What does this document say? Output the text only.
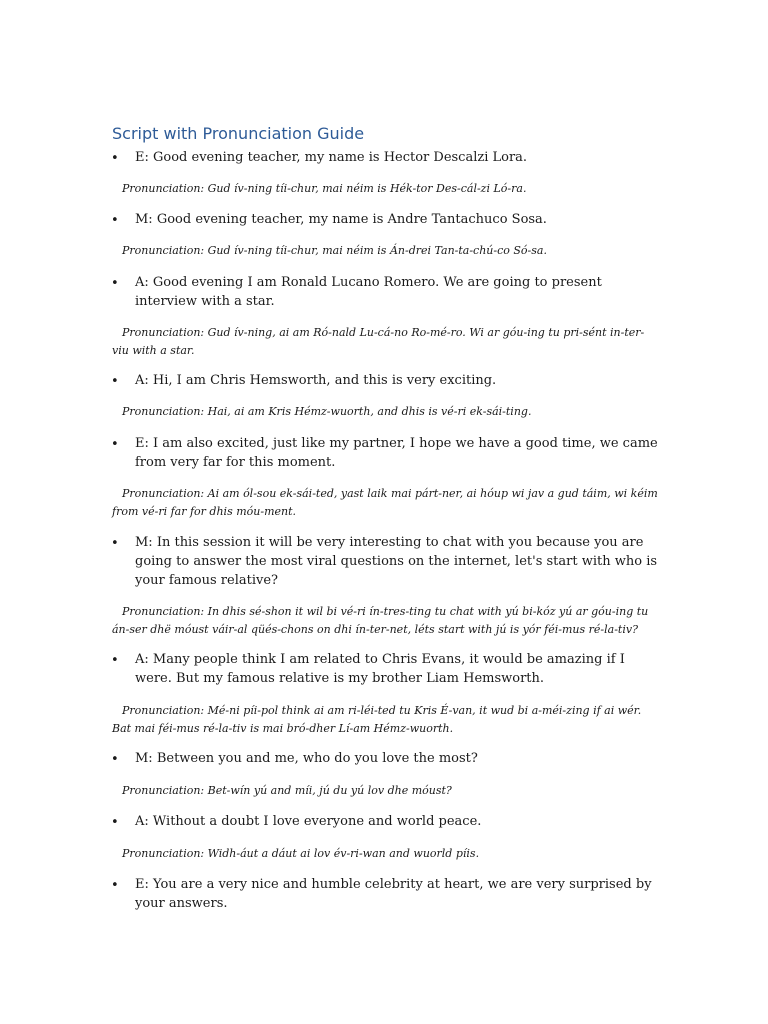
Script with Pronunciation Guide
• E: Good evening teacher, my name is Hector Descalzi Lora.
Pronunciation: Gud ív-ning tíi-chur, mai néim is Hék-tor Des-cál-zi Ló-ra.
• M: Good evening teacher, my name is Andre Tantachuco Sosa.
Pronunciation: Gud ív-ning tíi-chur, mai néim is Án-drei Tan-ta-chú-co Só-sa.
• A: Good evening I am Ronald Lucano Romero. We are going to present interview with a star.
Pronunciation: Gud ív-ning, ai am Ró-nald Lu-cá-no Ro-mé-ro. Wi ar góu-ing tu pri-sént in-ter-viu with a star.
• A: Hi, I am Chris Hemsworth, and this is very exciting.
Pronunciation: Hai, ai am Kris Hémz-wuorth, and dhis is vé-ri ek-sái-ting.
• E: I am also excited, just like my partner, I hope we have a good time, we came from very far for this moment.
Pronunciation: Ai am ól-sou ek-sái-ted, yast laik mai párt-ner, ai hóup wi jav a gud táim, wi kéim from vé-ri far for dhis móu-ment.
• M: In this session it will be very interesting to chat with you because you are going to answer the most viral questions on the internet, let's start with who is your famous relative?
Pronunciation: In dhis sé-shon it wil bi vé-ri ín-tres-ting tu chat with yú bi-kóz yú ar góu-ing tu án-ser dhë móust váir-al qüés-chons on dhi ín-ter-net, léts start with jú is yór féi-mus ré-la-tiv?
• A: Many people think I am related to Chris Evans, it would be amazing if I were. But my famous relative is my brother Liam Hemsworth.
Pronunciation: Mé-ni píi-pol think ai am ri-léi-ted tu Kris É-van, it wud bi a-méi-zing if ai wér. Bat mai féi-mus ré-la-tiv is mai bró-dher Lí-am Hémz-wuorth.
• M: Between you and me, who do you love the most?
Pronunciation: Bet-wín yú and míi, jú du yú lov dhe móust?
• A: Without a doubt I love everyone and world peace.
Pronunciation: Widh-áut a dáut ai lov év-ri-wan and wuorld píis.
• E: You are a very nice and humble celebrity at heart, we are very surprised by your answers.
